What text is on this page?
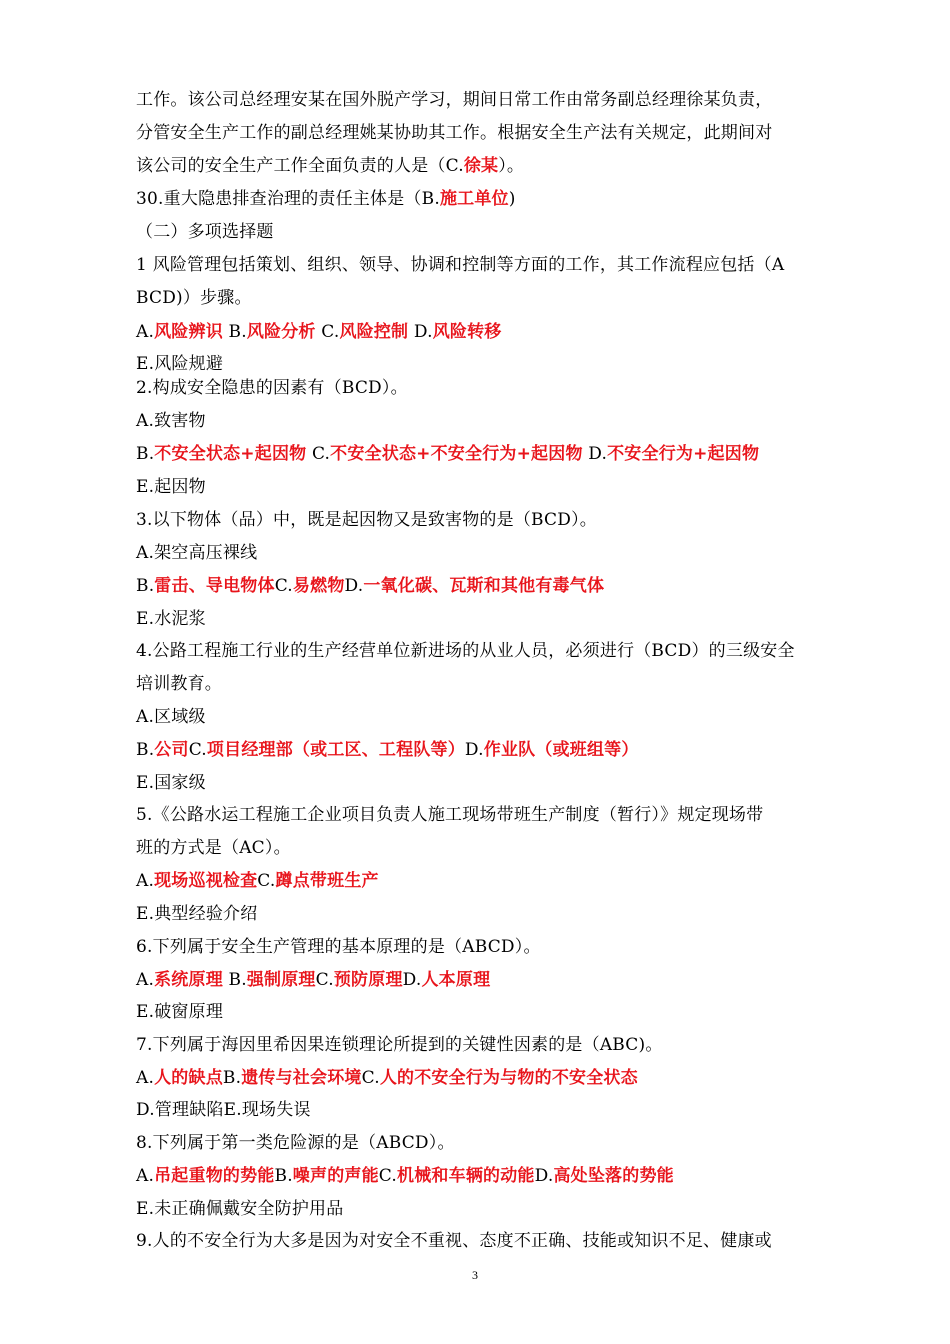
工作。该公司总经理安某在国外脱产学习，期间日常工作由常务副总经理徐某负责，
分管安全生产工作的副总经理姚某协助其工作。根据安全生产法有关规定，此期间对
该公司的安全生产工作全面负责的人是（C.徐某）。
30.重大隐患排查治理的责任主体是（B.施工单位)
（二）多项选择题
1 风险管理包括策划、组织、领导、协调和控制等方面的工作，其工作流程应包括（A
BCD)）步骤。
A.风险辨识 B.风险分析 C.风险控制 D.风险转移
E.风险规避
2.构成安全隐患的因素有（BCD）。
A.致害物
B.不安全状态+起因物 C.不安全状态+不安全行为+起因物 D.不安全行为+起因物
E.起因物
3.以下物体（品）中，既是起因物又是致害物的是（BCD）。
A.架空高压裸线
B.雷击、导电物体C.易燃物D.一氧化碳、瓦斯和其他有毒气体
E.水泥浆
4.公路工程施工行业的生产经营单位新进场的从业人员，必须进行（BCD）的三级安全
培训教育。
A.区域级
B.公司C.项目经理部（或工区、工程队等）D.作业队（或班组等）
E.国家级
5.《公路水运工程施工企业项目负责人施工现场带班生产制度（暂行）》规定现场带
班的方式是（AC）。
A.现场巡视检查C.蹲点带班生产
E.典型经验介绍
6.下列属于安全生产管理的基本原理的是（ABCD）。
A.系统原理 B.强制原理C.预防原理D.人本原理
E.破窗原理
7.下列属于海因里希因果连锁理论所提到的关键性因素的是（ABC)。
A.人的缺点B.遗传与社会环境C.人的不安全行为与物的不安全状态
D.管理缺陷E.现场失误
8.下列属于第一类危险源的是（ABCD）。
A.吊起重物的势能B.噪声的声能C.机械和车辆的动能D.高处坠落的势能
E.未正确佩戴安全防护用品
9.人的不安全行为大多是因为对安全不重视、态度不正确、技能或知识不足、健康或
3
